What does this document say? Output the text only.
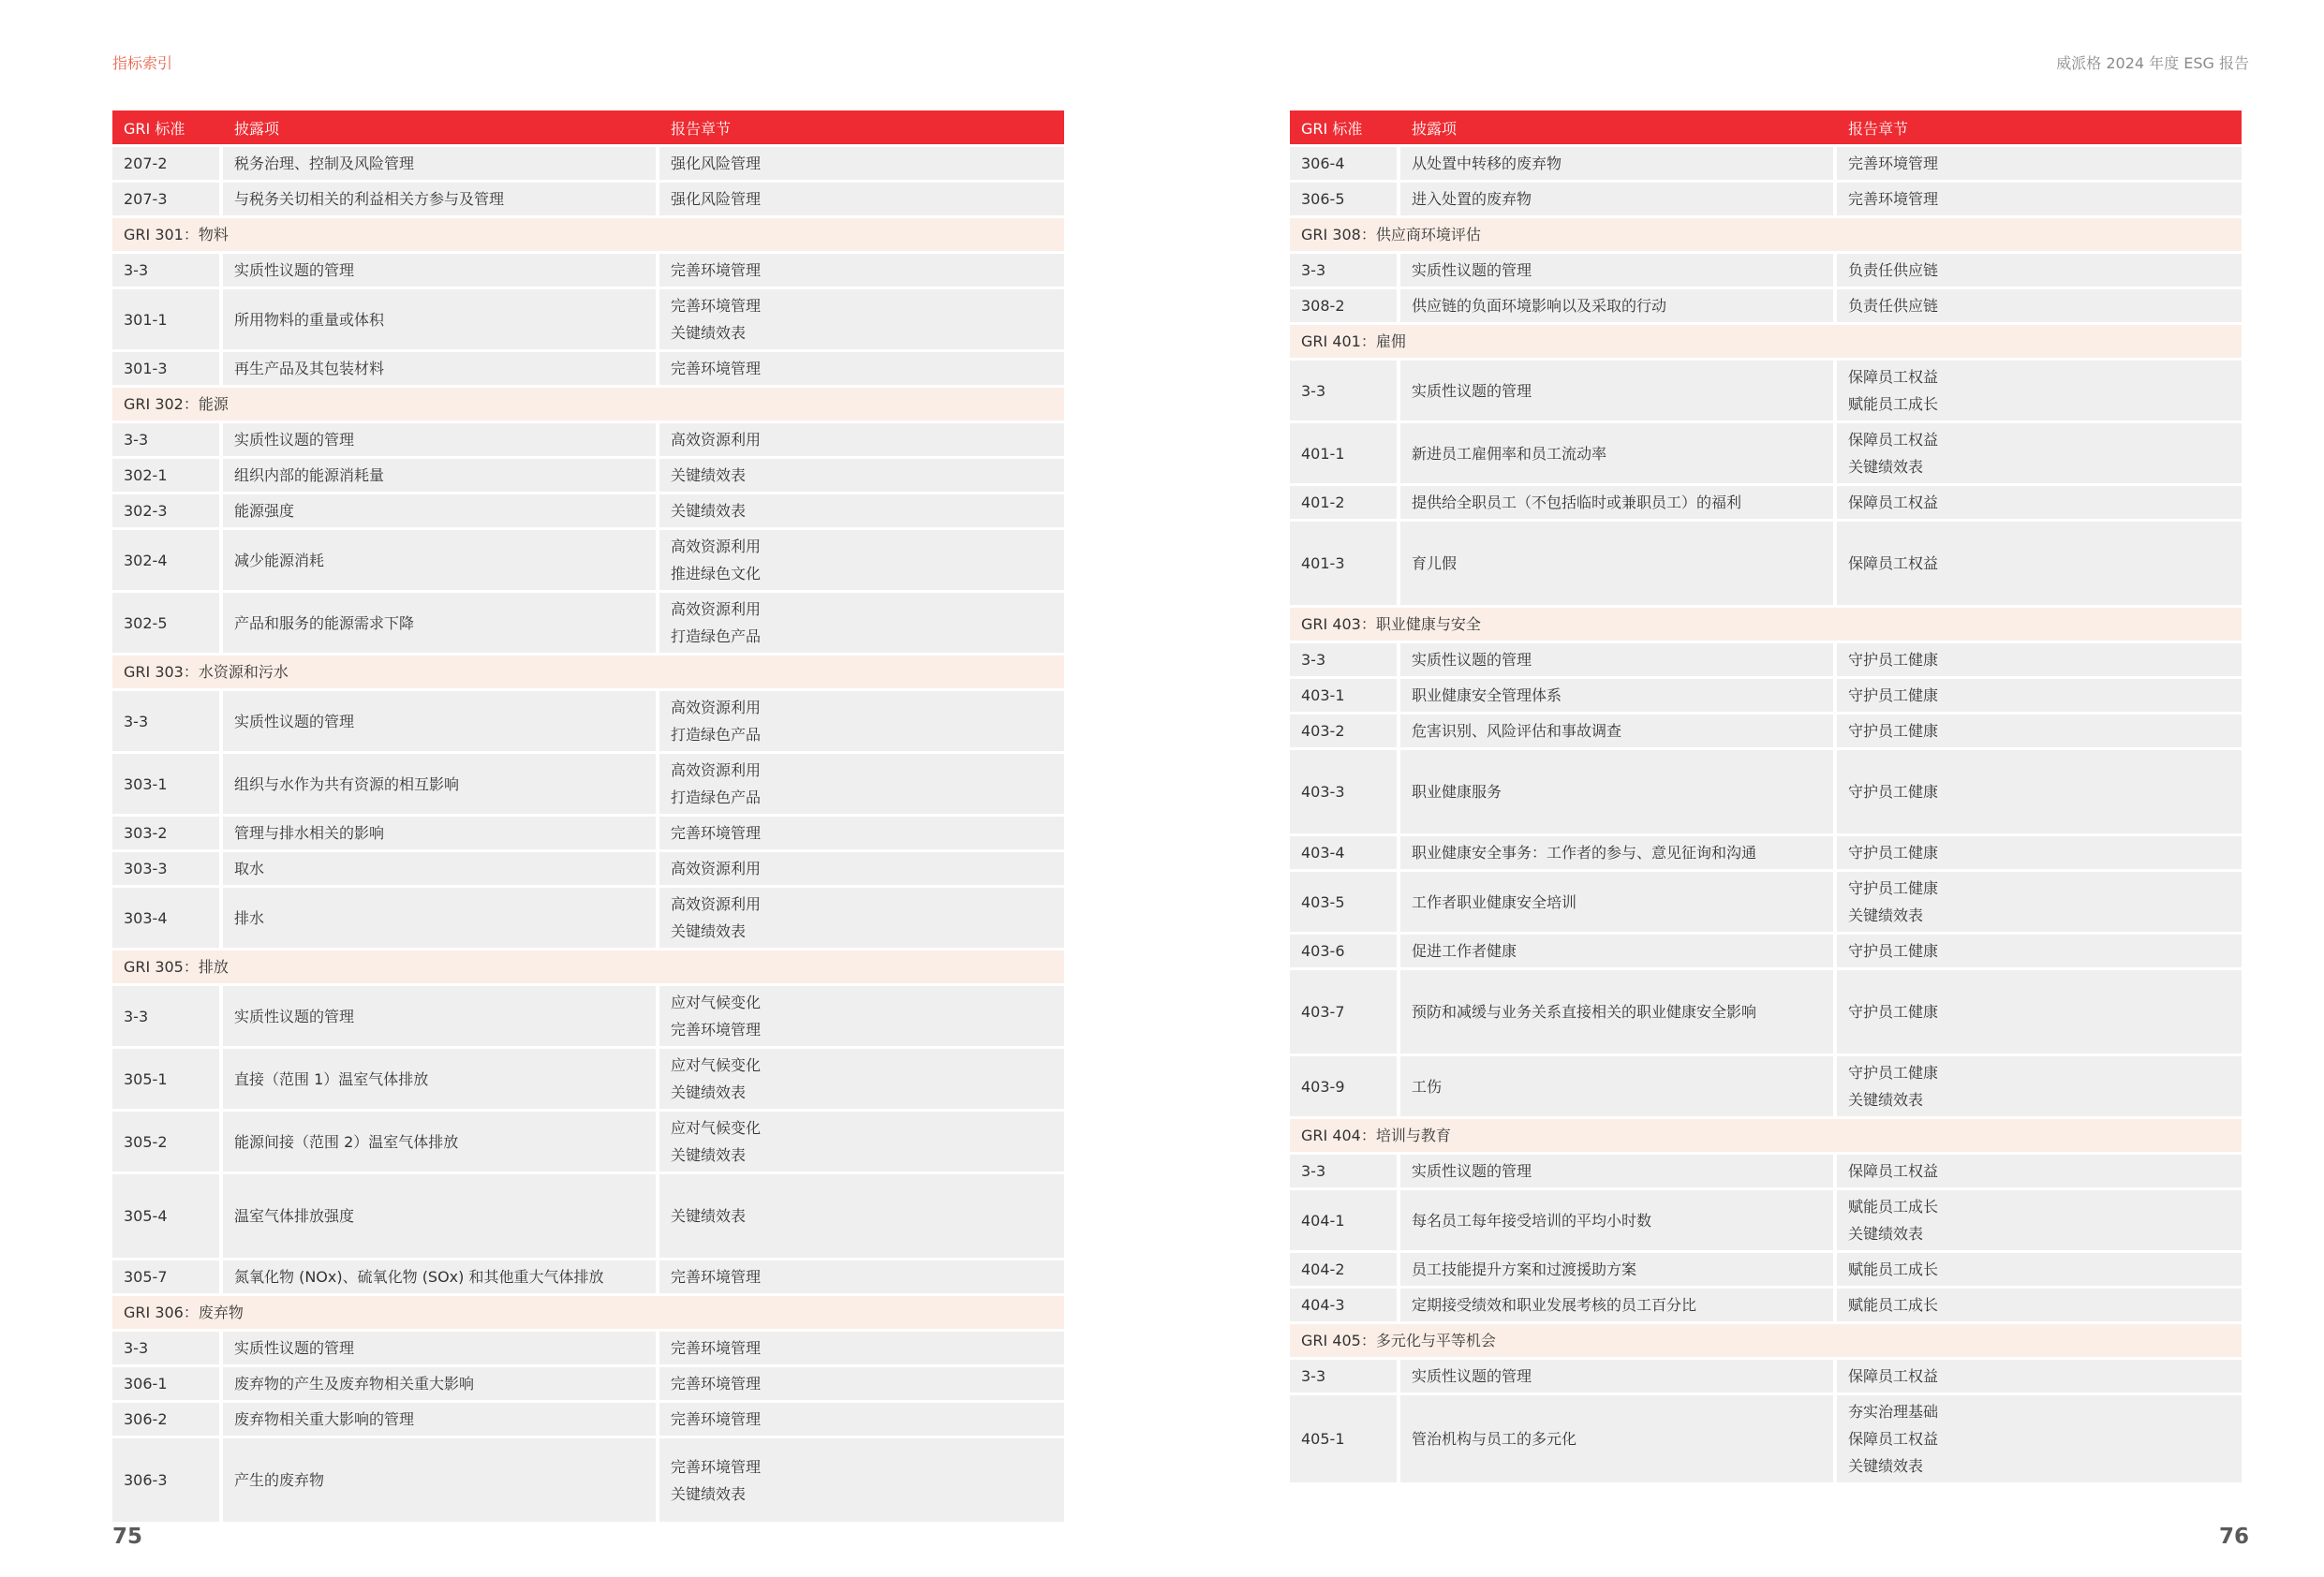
指标索引
GRI 标准	披露项	报告章节
207-2	税务治理、控制及风险管理	强化风险管理

207-3	与税务关切相关的利益相关方参与及管理	强化风险管理

GRI 301：物料		
3-3	实质性议题的管理	完善环境管理

301-1	所用物料的重量或体积	完善环境管理
关键绩效表

301-3	再生产品及其包装材料	完善环境管理

GRI 302：能源		
3-3	实质性议题的管理	高效资源利用

302-1	组织内部的能源消耗量	关键绩效表

302-3	能源强度	关键绩效表

302-4	减少能源消耗	高效资源利用
推进绿色文化

302-5	产品和服务的能源需求下降	高效资源利用
打造绿色产品

GRI 303：水资源和污水		
3-3	实质性议题的管理	高效资源利用
打造绿色产品

303-1	组织与水作为共有资源的相互影响	高效资源利用
打造绿色产品

303-2	管理与排水相关的影响	完善环境管理

303-3	取水	高效资源利用

303-4	排水	高效资源利用
关键绩效表

GRI 305：排放		
3-3	实质性议题的管理	应对气候变化
完善环境管理

305-1	直接（范围 1）温室气体排放	应对气候变化
关键绩效表

305-2	能源间接（范围 2）温室气体排放	应对气候变化
关键绩效表

305-4	温室气体排放强度	关键绩效表

305-7	氮氧化物 (NOx)、硫氧化物 (SOx) 和其他重大气体排放	完善环境管理

GRI 306：废弃物		
3-3	实质性议题的管理	完善环境管理

306-1	废弃物的产生及废弃物相关重大影响	完善环境管理

306-2	废弃物相关重大影响的管理	完善环境管理

306-3	产生的废弃物	完善环境管理
关键绩效表
75
威派格 2024 年度 ESG 报告
GRI 标准	披露项	报告章节
306-4	从处置中转移的废弃物	完善环境管理

306-5	进入处置的废弃物	完善环境管理

GRI 308：供应商环境评估		
3-3	实质性议题的管理	负责任供应链

308-2	供应链的负面环境影响以及采取的行动	负责任供应链

GRI 401：雇佣		
3-3	实质性议题的管理	保障员工权益
赋能员工成长

401-1	新进员工雇佣率和员工流动率	保障员工权益
关键绩效表

401-2	提供给全职员工（不包括临时或兼职员工）的福利	保障员工权益

401-3	育儿假	保障员工权益

GRI 403：职业健康与安全		
3-3	实质性议题的管理	守护员工健康

403-1	职业健康安全管理体系	守护员工健康

403-2	危害识别、风险评估和事故调查	守护员工健康

403-3	职业健康服务	守护员工健康

403-4	职业健康安全事务：工作者的参与、意见征询和沟通	守护员工健康

403-5	工作者职业健康安全培训	守护员工健康
关键绩效表

403-6	促进工作者健康	守护员工健康

403-7	预防和减缓与业务关系直接相关的职业健康安全影响	守护员工健康

403-9	工伤	守护员工健康
关键绩效表

GRI 404：培训与教育		
3-3	实质性议题的管理	保障员工权益

404-1	每名员工每年接受培训的平均小时数	赋能员工成长
关键绩效表

404-2	员工技能提升方案和过渡援助方案	赋能员工成长

404-3	定期接受绩效和职业发展考核的员工百分比	赋能员工成长

GRI 405：多元化与平等机会		
3-3	实质性议题的管理	保障员工权益

405-1	管治机构与员工的多元化	夯实治理基础
保障员工权益
关键绩效表
76
